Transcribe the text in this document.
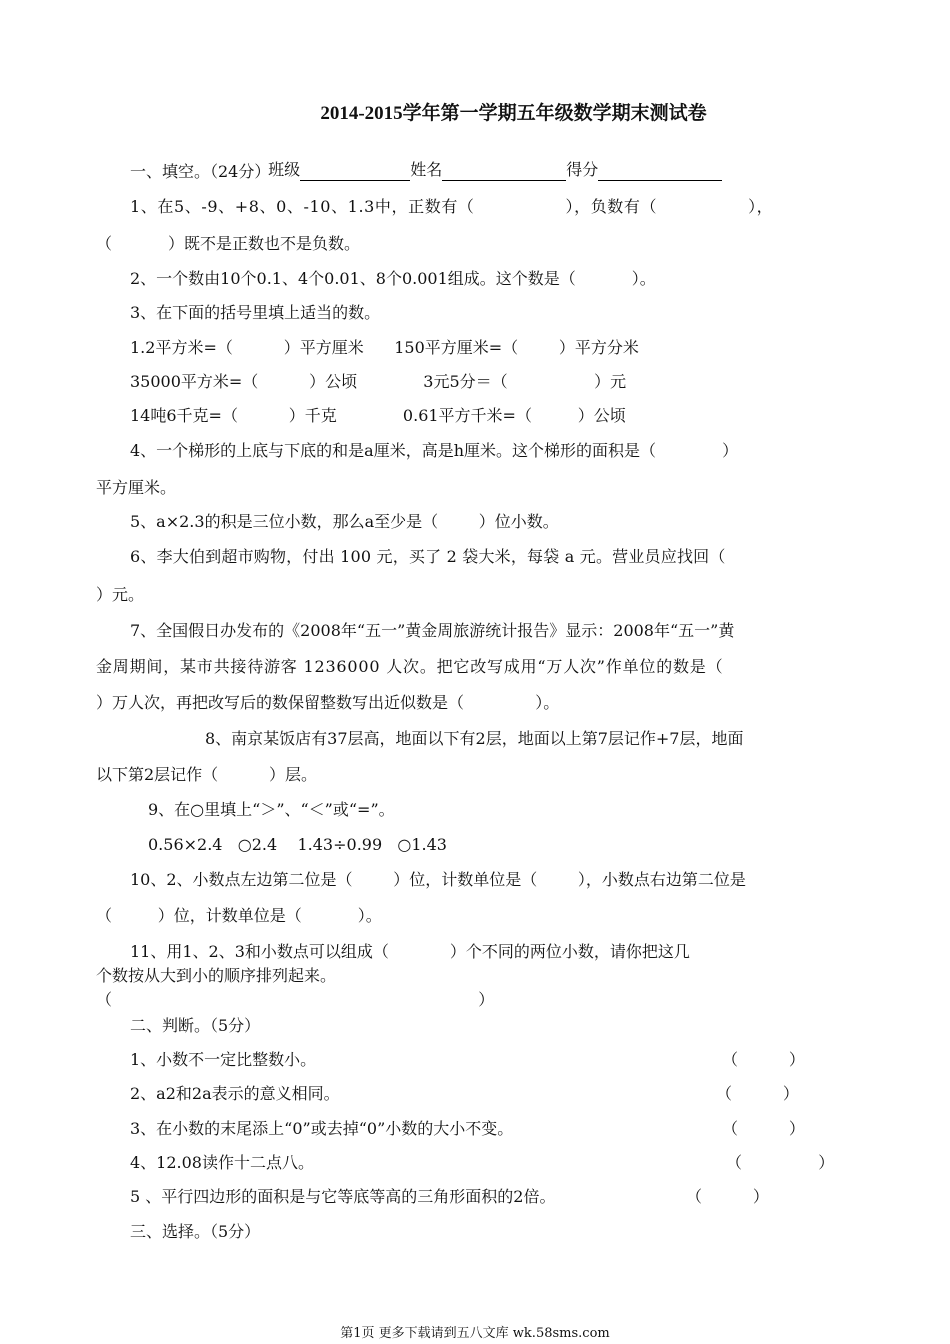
2014-2015学年第一学期五年级数学期末测试卷

班级	姓名	得分

一、填空。（24分）
1、在5、-9、+8、0、-10、1.3中，正数有（                ），负数有（                ），
（           ）既不是正数也不是负数。
2、一个数由10个0.1、4个0.01、8个0.001组成。这个数是（           ）。
3、在下面的括号里填上适当的数。
1.2平方米=（          ）平方厘米      150平方厘米=（        ）平方分米
35000平方米=（          ）公顷             3元5分＝（                 ）元
14吨6千克=（          ）千克             0.61平方千米=（         ）公顷
4、一个梯形的上底与下底的和是a厘米，高是h厘米。这个梯形的面积是（             ）
平方厘米。
5、a×2.3的积是三位小数，那么a至少是（        ）位小数。
6、李大伯到超市购物，付出 100 元，买了 2 袋大米，每袋 a 元。营业员应找回（
）元。
7、全国假日办发布的《2008年“五一”黄金周旅游统计报告》显示：2008年“五一”黄
金周期间，某市共接待游客 1236000 人次。把它改写成用“万人次”作单位的数是（
）万人次，再把改写后的数保留整数写出近似数是（              ）。
8、南京某饭店有37层高，地面以下有2层，地面以上第7层记作+7层，地面
以下第2层记作（          ）层。
9、在○里填上“＞”、“＜”或“=”。
0.56×2.4   ○2.4    1.43÷0.99   ○1.43
10、2、小数点左边第二位是（        ）位，计数单位是（        ），小数点右边第二位是
（         ）位，计数单位是（           ）。
11、用1、2、3和小数点可以组成（            ）个不同的两位小数，请你把这几
个数按从大到小的顺序排列起来。
（                                                                        ）
二、判断。（5分）
1、小数不一定比整数小。	（          ）
2、a2和2a表示的意义相同。	（          ）
3、在小数的末尾添上“0”或去掉“0”小数的大小不变。	（          ）
4、12.08读作十二点八。	（               ）
5 、平行四边形的面积是与它等底等高的三角形面积的2倍。	（          ）
三、选择。（5分）
第1页 更多下载请到五八文库 wk.58sms.com
